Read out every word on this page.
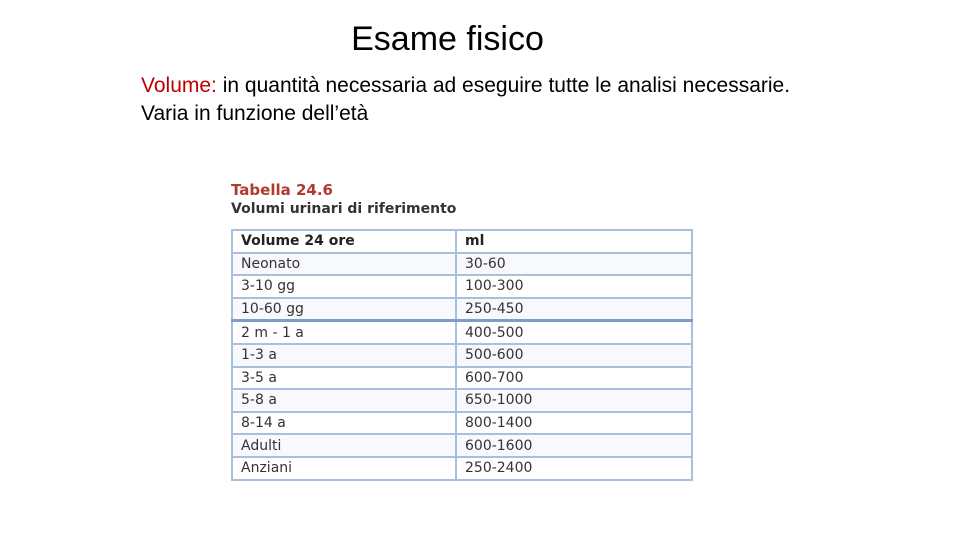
Esame fisico
Volume: in quantità necessaria ad eseguire tutte le analisi necessarie.
Varia in funzione dell’età
Tabella 24.6
Volumi urinari di riferimento
Volume 24 ore	ml
Neonato	30-60
3-10 gg	100-300
10-60 gg	250-450
2 m - 1 a	400-500
1-3 a	500-600
3-5 a	600-700
5-8 a	650-1000
8-14 a	800-1400
Adulti	600-1600
Anziani	250-2400
